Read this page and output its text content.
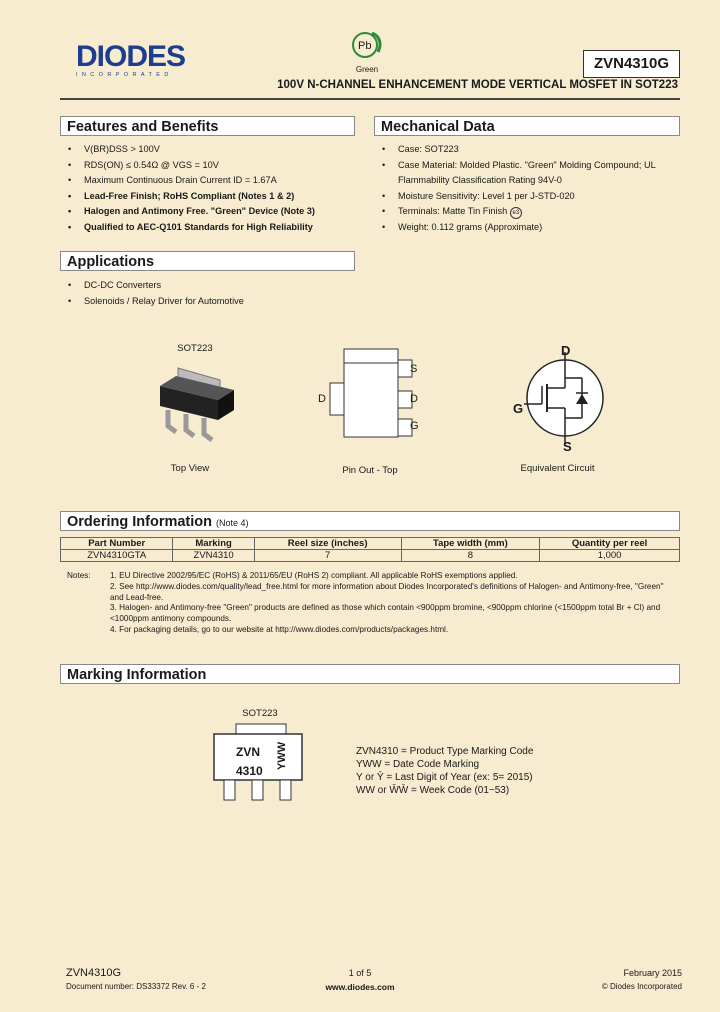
DIODES
INCORPORATED
Pb
Green	ZVN4310G
100V N-CHANNEL ENHANCEMENT MODE VERTICAL MOSFET IN SOT223
Features and Benefits
• V(BR)DSS > 100V
• RDS(ON) ≤ 0.54Ω @ VGS = 10V
• Maximum Continuous Drain Current ID = 1.67A
• Lead-Free Finish; RoHS Compliant (Notes 1 & 2)
• Halogen and Antimony Free. "Green" Device (Note 3)
• Qualified to AEC-Q101 Standards for High Reliability
Mechanical Data
• Case: SOT223
• Case Material: Molded Plastic. "Green" Molding Compound; UL Flammability Classification Rating 94V-0
• Moisture Sensitivity: Level 1 per J-STD-020
• Terminals: Matte Tin Finish e3
• Weight: 0.112 grams (Approximate)
Applications
• DC-DC Converters
• Solenoids / Relay Driver for Automotive
SOT223
Top View
D
S
D
G
Pin Out - Top
D
G
S
Equivalent Circuit
Ordering Information (Note 4)
Part Number	Marking	Reel size (inches)	Tape width (mm)	Quantity per reel
ZVN4310GTA	ZVN4310	7	8	1,000
Notes: 1. EU Directive 2002/95/EC (RoHS) & 2011/65/EU (RoHS 2) compliant. All applicable RoHS exemptions applied.
2. See http://www.diodes.com/quality/lead_free.html for more information about Diodes Incorporated's definitions of Halogen- and Antimony-free, "Green" and Lead-free.
3. Halogen- and Antimony-free "Green" products are defined as those which contain <900ppm bromine, <900ppm chlorine (<1500ppm total Br + Cl) and <1000ppm antimony compounds.
4. For packaging details, go to our website at http://www.diodes.com/products/packages.html.
Marking Information
SOT223
ZVN
4310
YWW	ZVN4310 = Product Type Marking Code
YWW = Date Code Marking
Y or Ȳ = Last Digit of Year (ex: 5= 2015)
WW or W̄W̄ = Week Code (01~53)
ZVN4310G
Document number: DS33372 Rev. 6 - 2
1 of 5
www.diodes.com
February 2015
© Diodes Incorporated
